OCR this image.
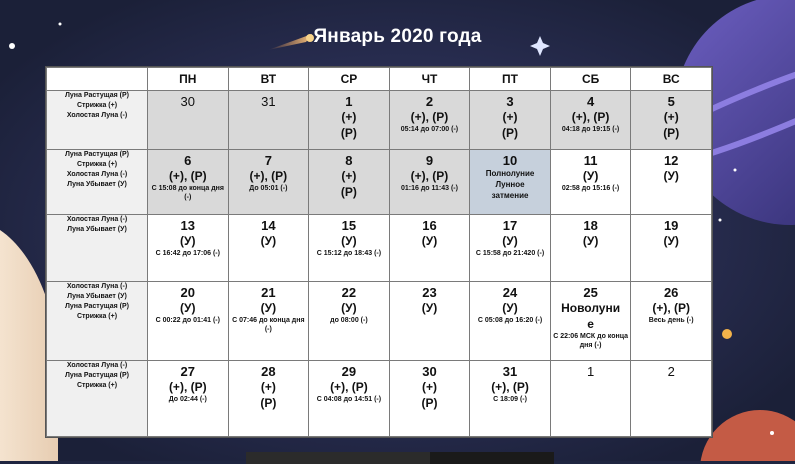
Январь 2020 года
	ПН	ВТ	СР	ЧТ	ПТ	СБ	ВС

Луна Растущая (Р)
Стрижка (+)
Холостая Луна (-)	30	31	1
(+)
(Р)	2
(+), (Р)
05:14 до 07:00 (-)	3
(+)
(Р)	4
(+), (Р)
04:18 до 19:15 (-)	5
(+)
(Р)

Луна Растущая (Р)
Стрижка (+)
Холостая Луна (-)
Луна Убывает (У)	6
(+), (Р)
С 15:08 до конца дня (-)	7
(+), (Р)
До 05:01 (-)	8
(+)
(Р)	9
(+), (Р)
01:16 до 11:43 (-)	10
Полнолуние
Лунное
затмение	11
(У)
02:58 до 15:16 (-)	12
(У)

Холостая Луна (-)
Луна Убывает (У)	13
(У)
С 16:42 до 17:06 (-)	14
(У)	15
(У)
С 15:12 до 18:43 (-)	16
(У)	17
(У)
С 15:58 до 21:420 (-)	18
(У)	19
(У)

Холостая Луна (-)
Луна Убывает (У)
Луна Растущая (Р)
Стрижка (+)	20
(У)
С 00:22 до 01:41 (-)	21
(У)
С 07:46 до конца дня (-)	22
(У)
до 08:00 (-)	23
(У)	24
(У)
С 05:08 до 16:20 (-)	25
Новолуни
е
С 22:06 МСК до конца дня (-)	26
(+), (Р)
Весь день (-)

Холостая Луна (-)
Луна Растущая (Р)
Стрижка (+)	27
(+), (Р)
До 02:44 (-)	28
(+)
(Р)	29
(+), (Р)
С 04:08 до 14:51 (-)	30
(+)
(Р)	31
(+), (Р)
С 18:09 (-)	1	2
